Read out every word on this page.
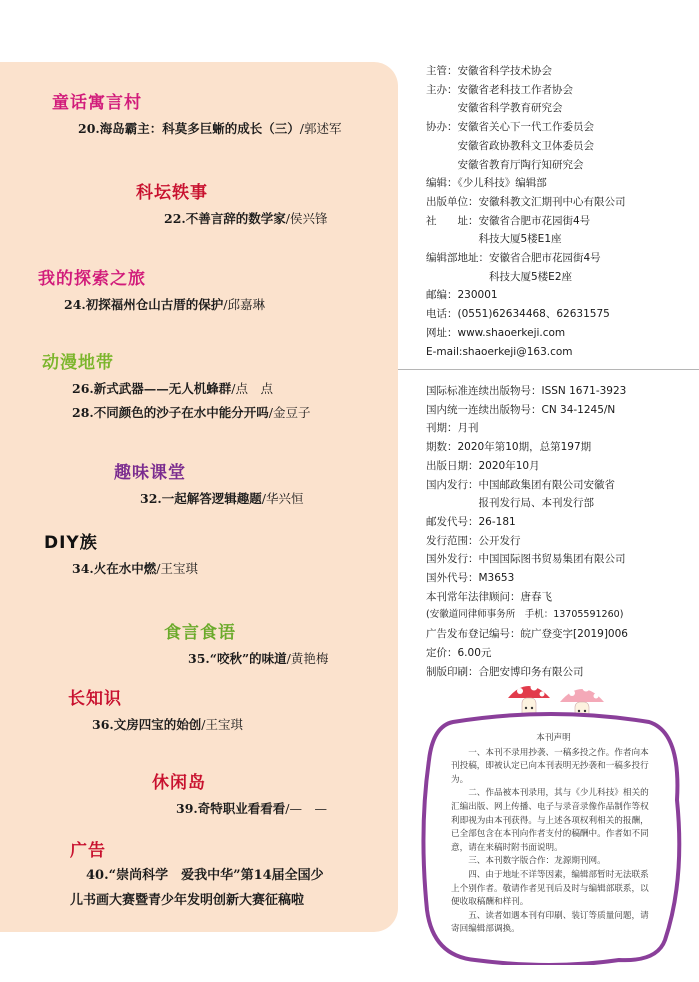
童话寓言村
20.海岛霸主：科莫多巨蜥的成长（三）/郭述军
科坛轶事
22.不善言辞的数学家/侯兴锋
我的探索之旅
24.初探福州仓山古厝的保护/邱嘉琳
动漫地带
26.新式武器——无人机蜂群/点　点
28.不同颜色的沙子在水中能分开吗/金豆子
趣味课堂
32.一起解答逻辑趣题/华兴恒
DIY族
34.火在水中燃/王宝琪
食言食语
35.“咬秋”的味道/黄艳梅
长知识
36.文房四宝的始创/王宝琪
休闲岛
39.奇特职业看看看/—　—
广告
40.“崇尚科学　爱我中华”第14届全国少
儿书画大赛暨青少年发明创新大赛征稿啦
主管：安徽省科学技术协会
主办：安徽省老科技工作者协会
　　　安徽省科学教育研究会
协办：安徽省关心下一代工作委员会
　　　安徽省政协教科文卫体委员会
　　　安徽省教育厅陶行知研究会
编辑：《少儿科技》编辑部
出版单位：安徽科教文汇期刊中心有限公司
社　　址：安徽省合肥市花园街4号
　　　　　科技大厦5楼E1座
编辑部地址：安徽省合肥市花园街4号
　　　　　　科技大厦5楼E2座
邮编：230001
电话：(0551)62634468、62631575
网址：www.shaoerkeji.com
E-mail:shaoerkeji@163.com
国际标准连续出版物号：ISSN 1671-3923
国内统一连续出版物号：CN 34-1245/N
刊期：月刊
期数：2020年第10期，总第197期
出版日期：2020年10月
国内发行：中国邮政集团有限公司安徽省
　　　　　报刊发行局、本刊发行部
邮发代号：26-181
发行范围：公开发行
国外发行：中国国际图书贸易集团有限公司
国外代号：M3653
本刊常年法律顾问：唐春飞
(安徽道同律师事务所　手机：13705591260)
广告发布登记编号：皖广登变字[2019]006
定价：6.00元
制版印刷：合肥安博印务有限公司
本刊声明

一、本刊不录用抄袭、一稿多投之作。作者向本刊投稿，即被认定已向本刊表明无抄袭和一稿多投行为。

二、作品被本刊录用，其与《少儿科技》相关的汇编出版、网上传播、电子与录音录像作品制作等权利即视为由本刊获得。与上述各项权利相关的报酬，已全部包含在本刊向作者支付的稿酬中。作者如不同意，请在来稿时附书面说明。

三、本刊数字版合作：龙源期刊网。

四、由于地址不详等因素，编辑部暂时无法联系上个别作者。敬请作者见刊后及时与编辑部联系，以便收取稿酬和样刊。

五、读者如遇本刊有印刷、装订等质量问题，请寄回编辑部调换。
